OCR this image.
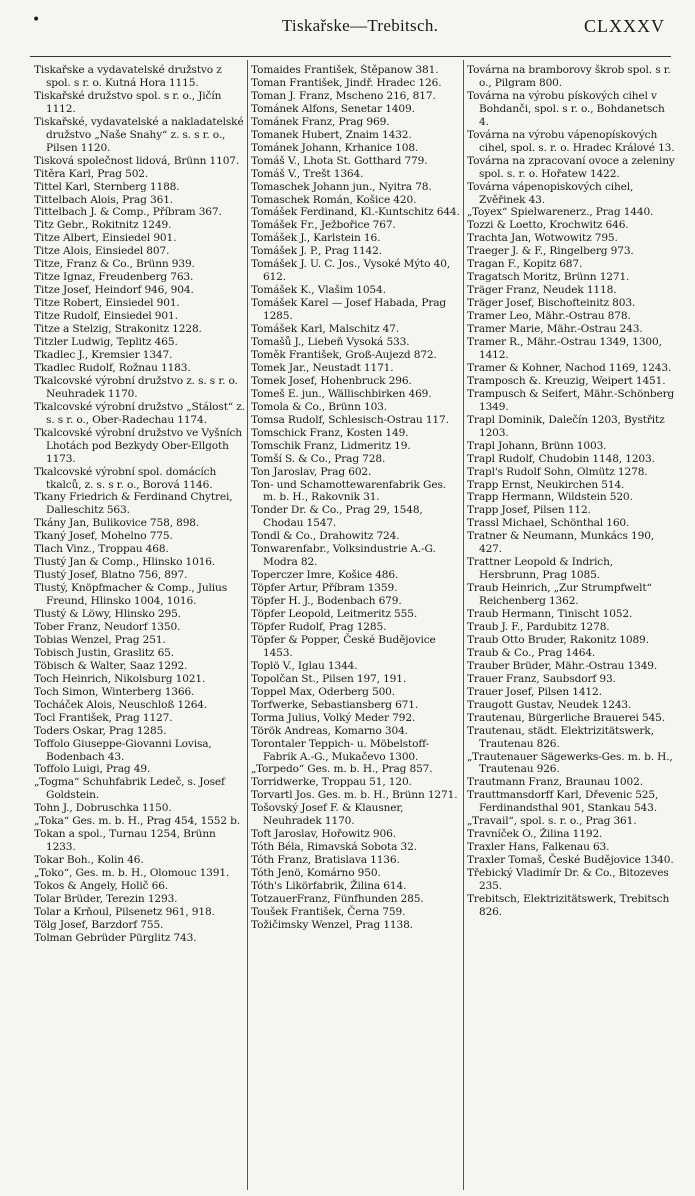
•	Tiskařske—Trebitsch.	CLXXXV
Tiskařske a vydavatelské družstvo z spol. s r. o. Kutná Hora 1115.
Tiskařské družstvo spol. s r. o., Jičín 1112.
Tiskařské, vydavatelské a nakladatelské družstvo „Naše Snahy“ z. s. s r. o., Pilsen 1120.
Tisková společnost lidová, Brünn 1107.
Titěra Karl, Prag 502.
Tittel Karl, Sternberg 1188.
Tittelbach Alois, Prag 361.
Tittelbach J. & Comp., Příbram 367.
Titz Gebr., Rokitnitz 1249.
Titze Albert, Einsiedel 901.
Titze Alois, Einsiedel 807.
Titze, Franz & Co., Brünn 939.
Titze Ignaz, Freudenberg 763.
Titze Josef, Heindorf 946, 904.
Titze Robert, Einsiedel 901.
Titze Rudolf, Einsiedel 901.
Titze a Stelzig, Strakonitz 1228.
Titzler Ludwig, Teplitz 465.
Tkadlec J., Kremsier 1347.
Tkadlec Rudolf, Rožnau 1183.
Tkalcovské výrobní družstvo z. s. s r. o. Neuhradek 1170.
Tkalcovské výrobní družstvo „Stálost“ z. s. s r. o., Ober-Radechau 1174.
Tkalcovské výrobní družstvo ve Vyšních Lhotách pod Bezkydy Ober-Ellgoth 1173.
Tkalcovské výrobní spol. domácích tkalců, z. s. s r. o., Borová 1146.
Tkany Friedrich & Ferdinand Chytrei, Dalleschitz 563.
Tkány Jan, Bulikovice 758, 898.
Tkaný Josef, Mohelno 775.
Tlach Vinz., Troppau 468.
Tlustý Jan & Comp., Hlinsko 1016.
Tlustý Josef, Blatno 756, 897.
Tlustý, Knöpfmacher & Comp., Julius Freund, Hlinsko 1004, 1016.
Tlustý & Löwy, Hlinsko 295.
Tober Franz, Neudorf 1350.
Tobias Wenzel, Prag 251.
Tobisch Justin, Graslitz 65.
Töbisch & Walter, Saaz 1292.
Toch Heinrich, Nikolsburg 1021.
Toch Simon, Winterberg 1366.
Tocháček Alois, Neuschloß 1264.
Tocl František, Prag 1127.
Toders Oskar, Prag 1285.
Toffolo Giuseppe-Giovanni Lovisa, Bodenbach 43.
Toffolo Luigi, Prag 49.
„Togma“ Schuhfabrik Ledeč, s. Josef Goldstein.
Tohn J., Dobruschka 1150.
„Toka“ Ges. m. b. H., Prag 454, 1552 b.
Tokan a spol., Turnau 1254, Brünn 1233.
Tokar Boh., Kolin 46.
„Toko“, Ges. m. b. H., Olomouc 1391.
Tokos & Angely, Holič 66.
Tolar Brüder, Terezin 1293.
Tolar a Krňoul, Pilsenetz 961, 918.
Tölg Josef, Barzdorf 755.
Tolman Gebrüder Pürglitz 743.
Tomaides František, Štěpanow 381.
Toman František, Jindř. Hradec 126.
Toman J. Franz, Mscheno 216, 817.
Tománek Alfons, Senetar 1409.
Tománek Franz, Prag 969.
Tomanek Hubert, Znaim 1432.
Tománek Johann, Krhanice 108.
Tomáš V., Lhota St. Gotthard 779.
Tomáš V., Trešt 1364.
Tomaschek Johann jun., Nyitra 78.
Tomaschek Román, Košice 420.
Tomášek Ferdinand, Kl.-Kuntschitz 644.
Tomášek Fr., Ježbořice 767.
Tomášek J., Karlstein 16.
Tomášek J. P., Prag 1142.
Tomášek J. U. C. Jos., Vysoké Mýto 40, 612.
Tomášek K., Vlašim 1054.
Tomášek Karel — Josef Habada, Prag 1285.
Tomášek Karl, Malschitz 47.
Tomašů J., Liebeň Vysoká 533.
Toměk František, Groß-Aujezd 872.
Tomek Jar., Neustadt 1171.
Tomek Josef, Hohenbruck 296.
Tomeš E. jun., Wällischbirken 469.
Tomola & Co., Brünn 103.
Tomsa Rudolf, Schlesisch-Ostrau 117.
Tomschick Franz, Kosten 149.
Tomschik Franz, Lidmeritz 19.
Tomší S. & Co., Prag 728.
Ton Jaroslav, Prag 602.
Ton- und Schamottewarenfabrik Ges. m. b. H., Rakovnik 31.
Tonder Dr. & Co., Prag 29, 1548, Chodau 1547.
Tondl & Co., Drahowitz 724.
Tonwarenfabr., Volksindustrie A.-G. Modra 82.
Toperczer Imre, Košice 486.
Töpfer Artur, Příbram 1359.
Töpfer H. J., Bodenbach 679.
Töpfer Leopold, Leitmeritz 555.
Töpfer Rudolf, Prag 1285.
Töpfer & Popper, České Budějovice 1453.
Toplö V., Iglau 1344.
Topolčan St., Pilsen 197, 191.
Toppel Max, Oderberg 500.
Torfwerke, Sebastiansberg 671.
Torma Julius, Volký Meder 792.
Török Andreas, Komarno 304.
Torontaler Teppich- u. Möbelstoff-Fabrik A.-G., Mukačevo 1300.
„Torpedo“ Ges. m. b. H., Prag 857.
Torridwerke, Troppau 51, 120.
Torvartl Jos. Ges. m. b. H., Brünn 1271.
Tošovský Josef F. & Klausner, Neuhradek 1170.
Toft Jaroslav, Hořowitz 906.
Tóth Béla, Rimavská Sobota 32.
Tóth Franz, Bratislava 1136.
Tóth Jenö, Komárno 950.
Tóth's Likörfabrik, Žilina 614.
TotzauerFranz, Fünfhunden 285.
Toušek František, Černa 759.
Tožičimsky Wenzel, Prag 1138.
Továrna na bramborovy škrob spol. s r. o., Pilgram 800.
Továrna na výrobu pískových cihel v Bohdanči, spol. s r. o., Bohdanetsch 4.
Továrna na výrobu vápenopískových cihel, spol. s. r. o. Hradec Králové 13.
Továrna na zpracovaní ovoce a zeleniny spol. s. r. o. Hořatew 1422.
Továrna vápenopiskových cihel, Zvěřinek 43.
„Toyex“ Spielwarenerz., Prag 1440.
Tozzi & Loetto, Krochwitz 646.
Trachta Jan, Wotwowitz 795.
Traeger J. & F., Ringelberg 973.
Tragan F., Kopitz 687.
Tragatsch Moritz, Brünn 1271.
Träger Franz, Neudek 1118.
Träger Josef, Bischofteinitz 803.
Tramer Leo, Mähr.-Ostrau 878.
Tramer Marie, Mähr.-Ostrau 243.
Tramer R., Mähr.-Ostrau 1349, 1300, 1412.
Tramer & Kohner, Nachod 1169, 1243.
Tramposch &. Kreuzig, Weipert 1451.
Trampusch & Seifert, Mähr.-Schönberg 1349.
Trapl Dominik, Dalečín 1203, Bystřitz 1203.
Trapl Johann, Brünn 1003.
Trapl Rudolf, Chudobin 1148, 1203.
Trapl's Rudolf Sohn, Olmütz 1278.
Trapp Ernst, Neukirchen 514.
Trapp Hermann, Wildstein 520.
Trapp Josef, Pilsen 112.
Trassl Michael, Schönthal 160.
Tratner & Neumann, Munkács 190, 427.
Trattner Leopold & Indrich, Hersbrunn, Prag 1085.
Traub Heinrich, „Zur Strumpfwelt“ Reichenberg 1362.
Traub Hermann, Tinischt 1052.
Traub J. F., Pardubitz 1278.
Traub Otto Bruder, Rakonitz 1089.
Traub & Co., Prag 1464.
Trauber Brüder, Mähr.-Ostrau 1349.
Trauer Franz, Saubsdorf 93.
Trauer Josef, Pilsen 1412.
Traugott Gustav, Neudek 1243.
Trautenau, Bürgerliche Brauerei 545.
Trautenau, städt. Elektrizitätswerk, Trautenau 826.
„Trautenauer Sägewerks-Ges. m. b. H., Trautenau 926.
Trautmann Franz, Braunau 1002.
Trauttmansdorff Karl, Dřevenic 525, Ferdinandsthal 901, Stankau 543.
„Travail“, spol. s. r. o., Prag 361.
Travníček O., Žilina 1192.
Traxler Hans, Falkenau 63.
Traxler Tomaš, České Budějovice 1340.
Třebický Vladimír Dr. & Co., Bitozeves 235.
Trebitsch, Elektrizitätswerk, Trebitsch 826.
